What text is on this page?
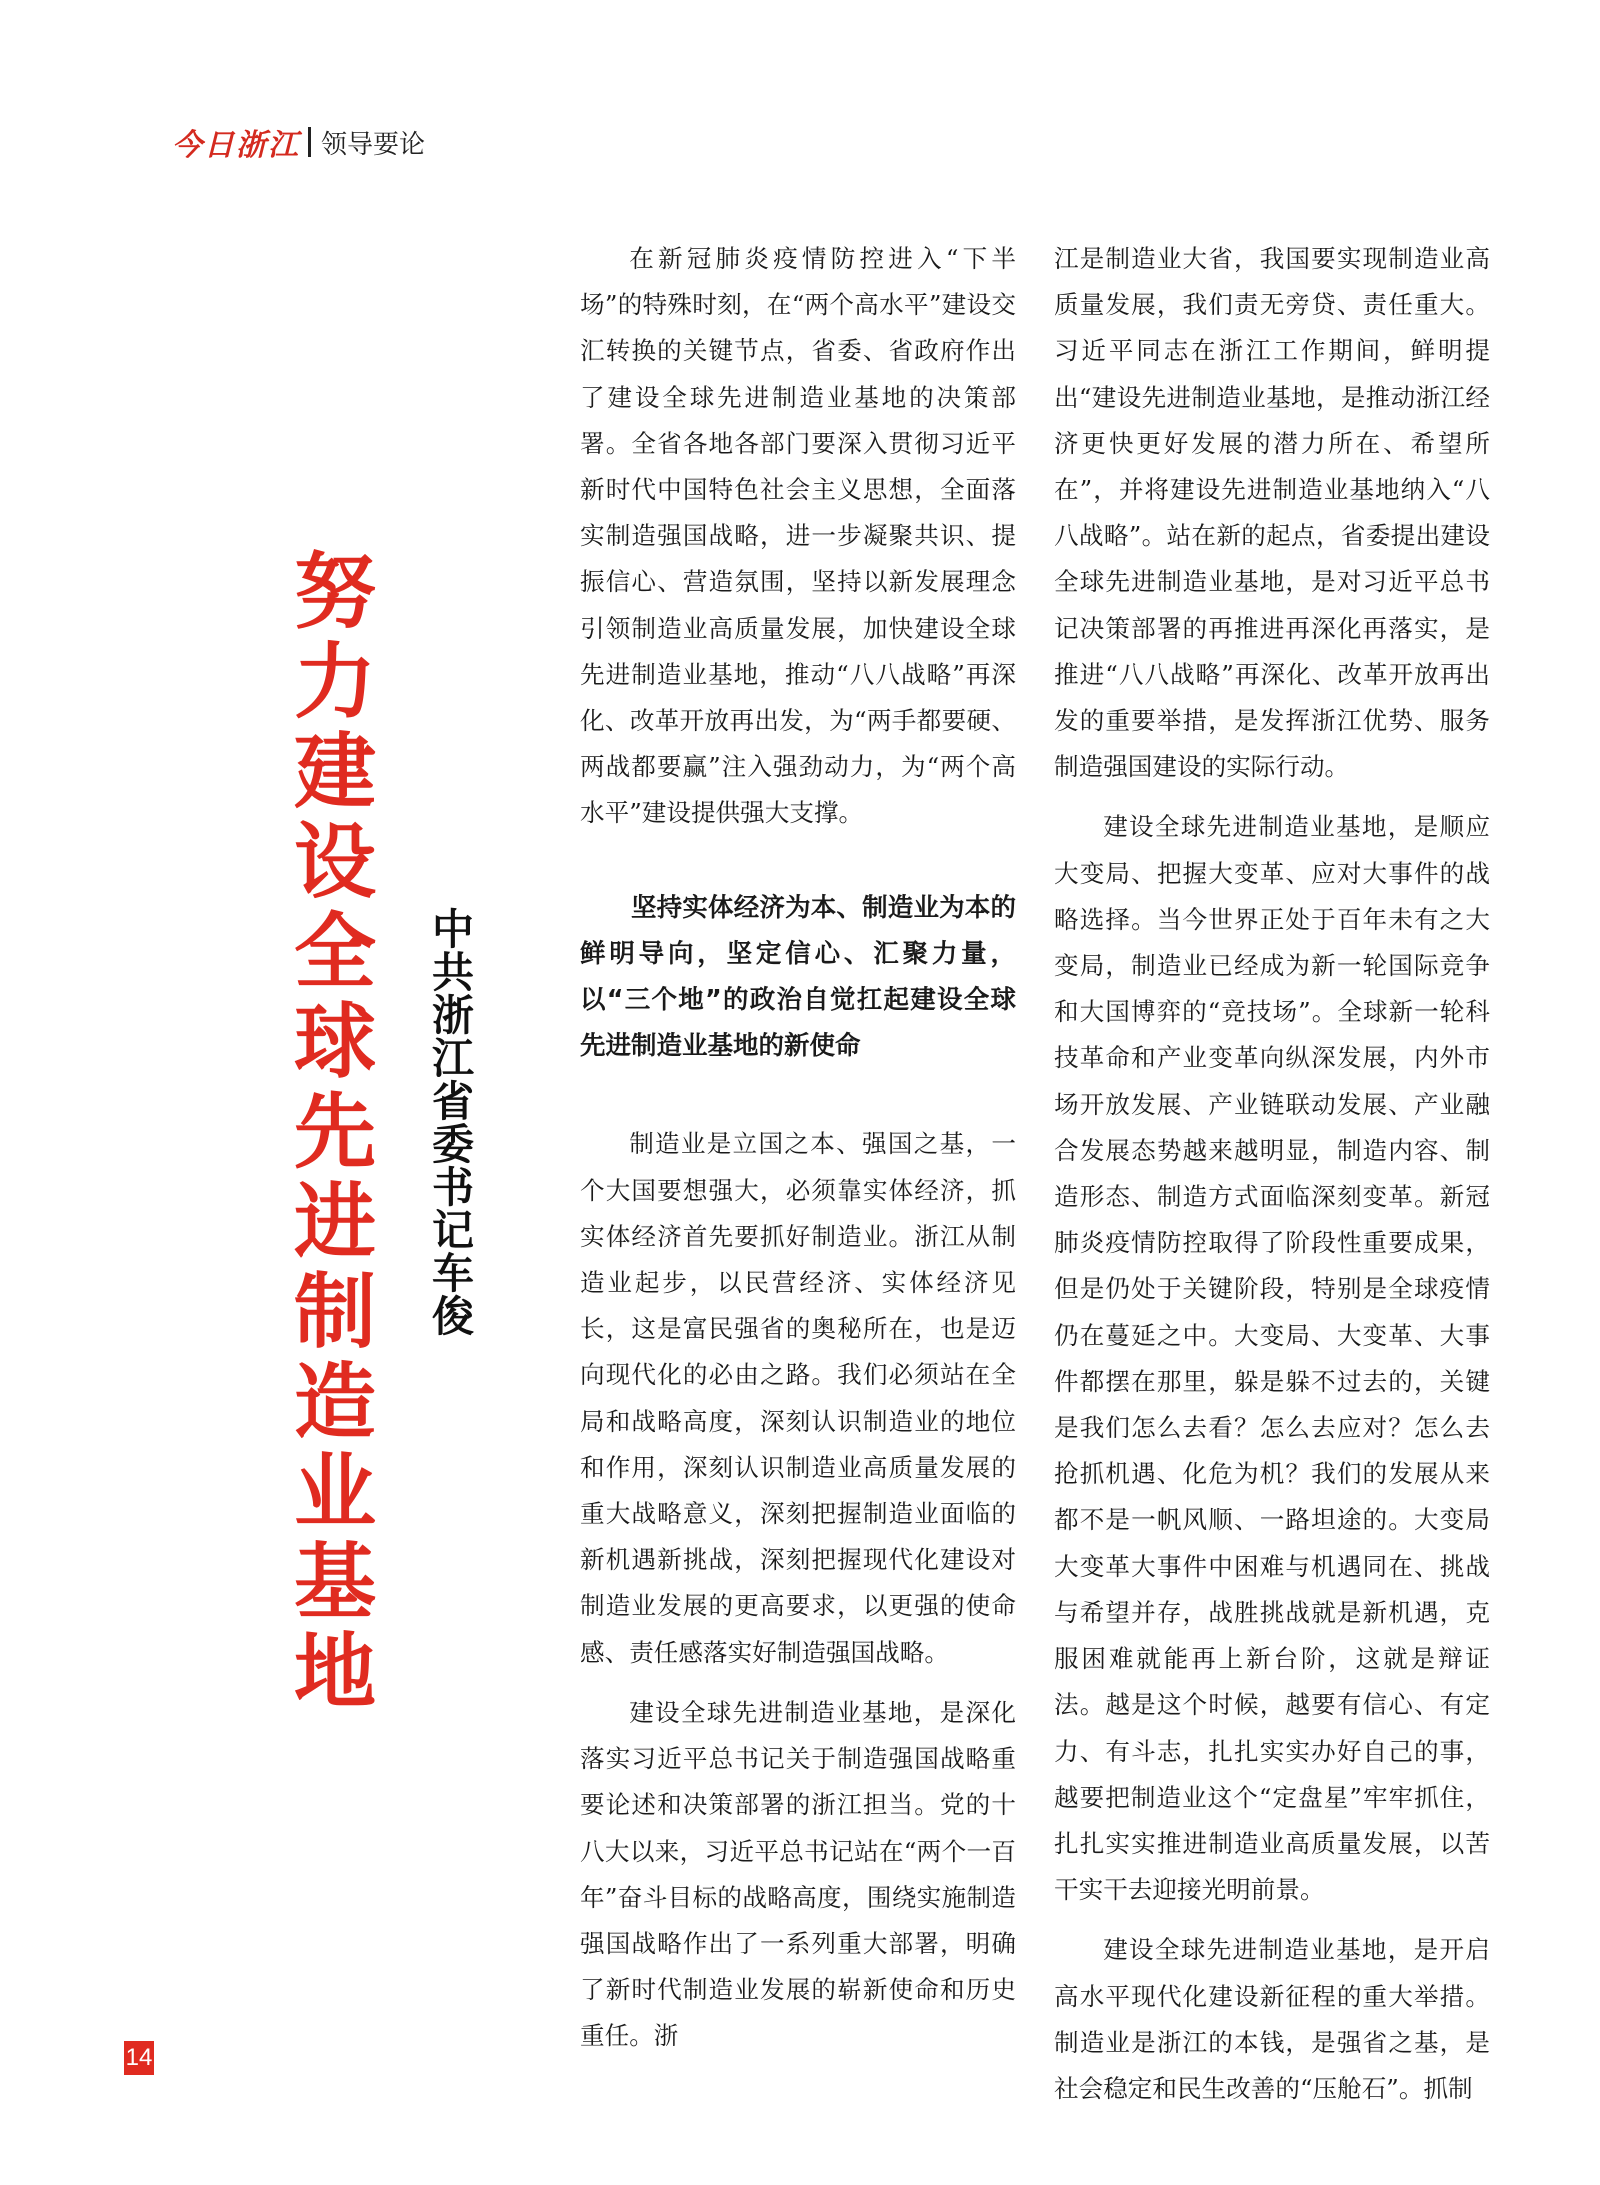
今日浙江 领导要论
努力建设全球先进制造业基地
中共浙江省委书记 车 俊

在新冠肺炎疫情防控进入“下半场”的特殊时刻，在“两个高水平”建设交汇转换的关键节点，省委、省政府作出了建设全球先进制造业基地的决策部署。全省各地各部门要深入贯彻习近平新时代中国特色社会主义思想，全面落实制造强国战略，进一步凝聚共识、提振信心、营造氛围，坚持以新发展理念引领制造业高质量发展，加快建设全球先进制造业基地，推动“八八战略”再深化、改革开放再出发，为“两手都要硬、两战都要赢”注入强劲动力，为“两个高水平”建设提供强大支撑。

坚持实体经济为本、制造业为本的鲜明导向，坚定信心、汇聚力量，以“三个地”的政治自觉扛起建设全球先进制造业基地的新使命

制造业是立国之本、强国之基，一个大国要想强大，必须靠实体经济，抓实体经济首先要抓好制造业。浙江从制造业起步，以民营经济、实体经济见长，这是富民强省的奥秘所在，也是迈向现代化的必由之路。我们必须站在全局和战略高度，深刻认识制造业的地位和作用，深刻认识制造业高质量发展的重大战略意义，深刻把握制造业面临的新机遇新挑战，深刻把握现代化建设对制造业发展的更高要求，以更强的使命感、责任感落实好制造强国战略。

建设全球先进制造业基地，是深化落实习近平总书记关于制造强国战略重要论述和决策部署的浙江担当。党的十八大以来，习近平总书记站在“两个一百年”奋斗目标的战略高度，围绕实施制造强国战略作出了一系列重大部署，明确了新时代制造业发展的崭新使命和历史重任。浙

江是制造业大省，我国要实现制造业高质量发展，我们责无旁贷、责任重大。习近平同志在浙江工作期间，鲜明提出“建设先进制造业基地，是推动浙江经济更快更好发展的潜力所在、希望所在”，并将建设先进制造业基地纳入“八八战略”。站在新的起点，省委提出建设全球先进制造业基地，是对习近平总书记决策部署的再推进再深化再落实，是推进“八八战略”再深化、改革开放再出发的重要举措，是发挥浙江优势、服务制造强国建设的实际行动。

建设全球先进制造业基地，是顺应大变局、把握大变革、应对大事件的战略选择。当今世界正处于百年未有之大变局，制造业已经成为新一轮国际竞争和大国博弈的“竞技场”。全球新一轮科技革命和产业变革向纵深发展，内外市场开放发展、产业链联动发展、产业融合发展态势越来越明显，制造内容、制造形态、制造方式面临深刻变革。新冠肺炎疫情防控取得了阶段性重要成果，但是仍处于关键阶段，特别是全球疫情仍在蔓延之中。大变局、大变革、大事件都摆在那里，躲是躲不过去的，关键是我们怎么去看？怎么去应对？怎么去抢抓机遇、化危为机？我们的发展从来都不是一帆风顺、一路坦途的。大变局大变革大事件中困难与机遇同在、挑战与希望并存，战胜挑战就是新机遇，克服困难就能再上新台阶，这就是辩证法。越是这个时候，越要有信心、有定力、有斗志，扎扎实实办好自己的事，越要把制造业这个“定盘星”牢牢抓住，扎扎实实推进制造业高质量发展，以苦干实干去迎接光明前景。

建设全球先进制造业基地，是开启高水平现代化建设新征程的重大举措。制造业是浙江的本钱，是强省之基，是社会稳定和民生改善的“压舱石”。抓制

14
